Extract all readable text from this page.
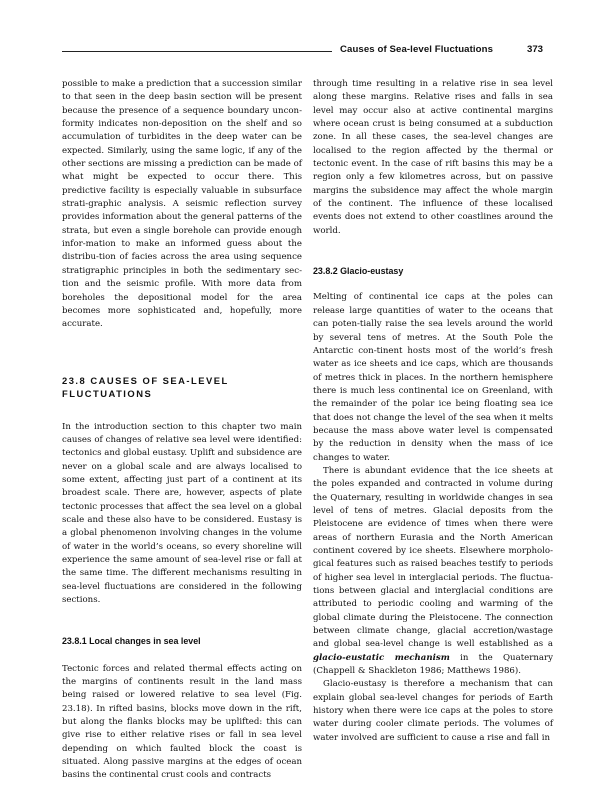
Causes of Sea-level Fluctuations	373

possible to make a prediction that a succession similar to that seen in the deep basin section will be present because the presence of a sequence boundary uncon-formity indicates non-deposition on the shelf and so accumulation of turbidites in the deep water can be expected. Similarly, using the same logic, if any of the other sections are missing a prediction can be made of what might be expected to occur there. This predictive facility is especially valuable in subsurface strati-graphic analysis. A seismic reflection survey provides information about the general patterns of the strata, but even a single borehole can provide enough infor-mation to make an informed guess about the distribu-tion of facies across the area using sequence stratigraphic principles in both the sedimentary sec-tion and the seismic profile. With more data from boreholes the depositional model for the area becomes more sophisticated and, hopefully, more accurate.

23.8 CAUSES OF SEA-LEVEL
FLUCTUATIONS

In the introduction section to this chapter two main causes of changes of relative sea level were identified: tectonics and global eustasy. Uplift and subsidence are never on a global scale and are always localised to some extent, affecting just part of a continent at its broadest scale. There are, however, aspects of plate tectonic processes that affect the sea level on a global scale and these also have to be considered. Eustasy is a global phenomenon involving changes in the volume of water in the world’s oceans, so every shoreline will experience the same amount of sea-level rise or fall at the same time. The different mechanisms resulting in sea-level fluctuations are considered in the following sections.

23.8.1 Local changes in sea level

Tectonic forces and related thermal effects acting on the margins of continents result in the land mass being raised or lowered relative to sea level (Fig. 23.18). In rifted basins, blocks move down in the rift, but along the flanks blocks may be uplifted: this can give rise to either relative rises or fall in sea level depending on which faulted block the coast is situated. Along passive margins at the edges of ocean basins the continental crust cools and contracts

through time resulting in a relative rise in sea level along these margins. Relative rises and falls in sea level may occur also at active continental margins where ocean crust is being consumed at a subduction zone. In all these cases, the sea-level changes are localised to the region affected by the thermal or tectonic event. In the case of rift basins this may be a region only a few kilometres across, but on passive margins the subsidence may affect the whole margin of the continent. The influence of these localised events does not extend to other coastlines around the world.

23.8.2 Glacio-eustasy

Melting of continental ice caps at the poles can release large quantities of water to the oceans that can poten-tially raise the sea levels around the world by several tens of metres. At the South Pole the Antarctic con-tinent hosts most of the world’s fresh water as ice sheets and ice caps, which are thousands of metres thick in places. In the northern hemisphere there is much less continental ice on Greenland, with the remainder of the polar ice being floating sea ice that does not change the level of the sea when it melts because the mass above water level is compensated by the reduction in density when the mass of ice changes to water.

There is abundant evidence that the ice sheets at the poles expanded and contracted in volume during the Quaternary, resulting in worldwide changes in sea level of tens of metres. Glacial deposits from the Pleistocene are evidence of times when there were areas of northern Eurasia and the North American continent covered by ice sheets. Elsewhere morpholo-gical features such as raised beaches testify to periods of higher sea level in interglacial periods. The fluctua-tions between glacial and interglacial conditions are attributed to periodic cooling and warming of the global climate during the Pleistocene. The connection between climate change, glacial accretion/wastage and global sea-level change is well established as a glacio-eustatic mechanism in the Quaternary (Chappell & Shackleton 1986; Matthews 1986).

Glacio-eustasy is therefore a mechanism that can explain global sea-level changes for periods of Earth history when there were ice caps at the poles to store water during cooler climate periods. The volumes of water involved are sufficient to cause a rise and fall in
